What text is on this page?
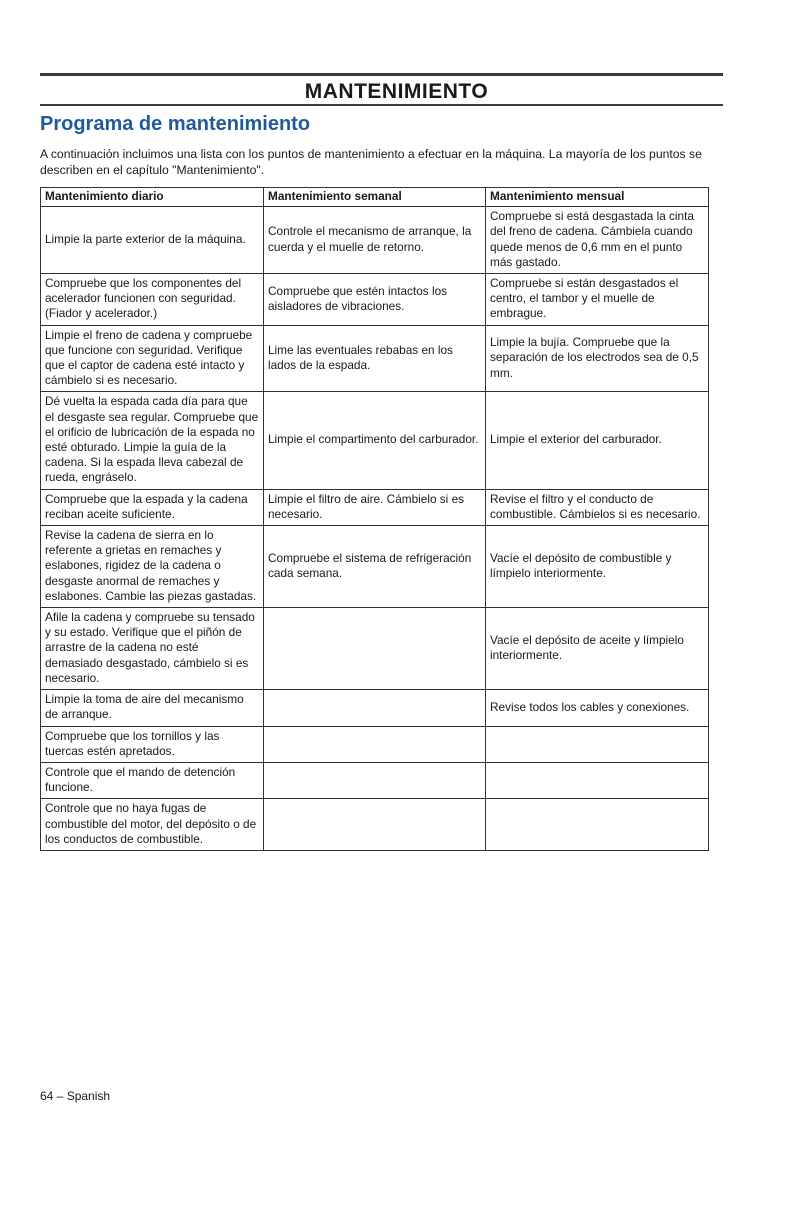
MANTENIMIENTO
Programa de mantenimiento

A continuación incluimos una lista con los puntos de mantenimiento a efectuar en la máquina. La mayoría de los puntos se describen en el capítulo "Mantenimiento".

Mantenimiento diario	Mantenimiento semanal	Mantenimiento mensual
Limpie la parte exterior de la máquina.	Controle el mecanismo de arranque, la cuerda y el muelle de retorno.	Compruebe si está desgastada la cinta del freno de cadena. Cámbiela cuando quede menos de 0,6 mm en el punto más gastado.
Compruebe que los componentes del acelerador funcionen con seguridad. (Fiador y acelerador.)	Compruebe que estén intactos los aisladores de vibraciones.	Compruebe si están desgastados el centro, el tambor y el muelle de embrague.
Limpie el freno de cadena y compruebe que funcione con seguridad. Verifique que el captor de cadena esté intacto y cámbielo si es necesario.	Lime las eventuales rebabas en los lados de la espada.	Limpie la bujía. Compruebe que la separación de los electrodos sea de 0,5 mm.
Dé vuelta la espada cada día para que el desgaste sea regular. Compruebe que el orificio de lubricación de la espada no esté obturado. Limpie la guía de la cadena. Si la espada lleva cabezal de rueda, engráselo.	Limpie el compartimento del carburador.	Limpie el exterior del carburador.
Compruebe que la espada y la cadena reciban aceite suficiente.	Limpie el filtro de aire. Cámbielo si es necesario.	Revise el filtro y el conducto de combustible. Cámbielos si es necesario.
Revise la cadena de sierra en lo referente a grietas en remaches y eslabones, rigidez de la cadena o desgaste anormal de remaches y eslabones. Cambie las piezas gastadas.	Compruebe el sistema de refrigeración cada semana.	Vacíe el depósito de combustible y límpielo interiormente.
Afile la cadena y compruebe su tensado y su estado. Verifique que el piñón de arrastre de la cadena no esté demasiado desgastado, cámbielo si es necesario.		Vacíe el depósito de aceite y límpielo interiormente.
Limpie la toma de aire del mecanismo de arranque.		Revise todos los cables y conexiones.
Compruebe que los tornillos y las tuercas estén apretados.		
Controle que el mando de detención funcione.		
Controle que no haya fugas de combustible del motor, del depósito o de los conductos de combustible.		
64 – Spanish
